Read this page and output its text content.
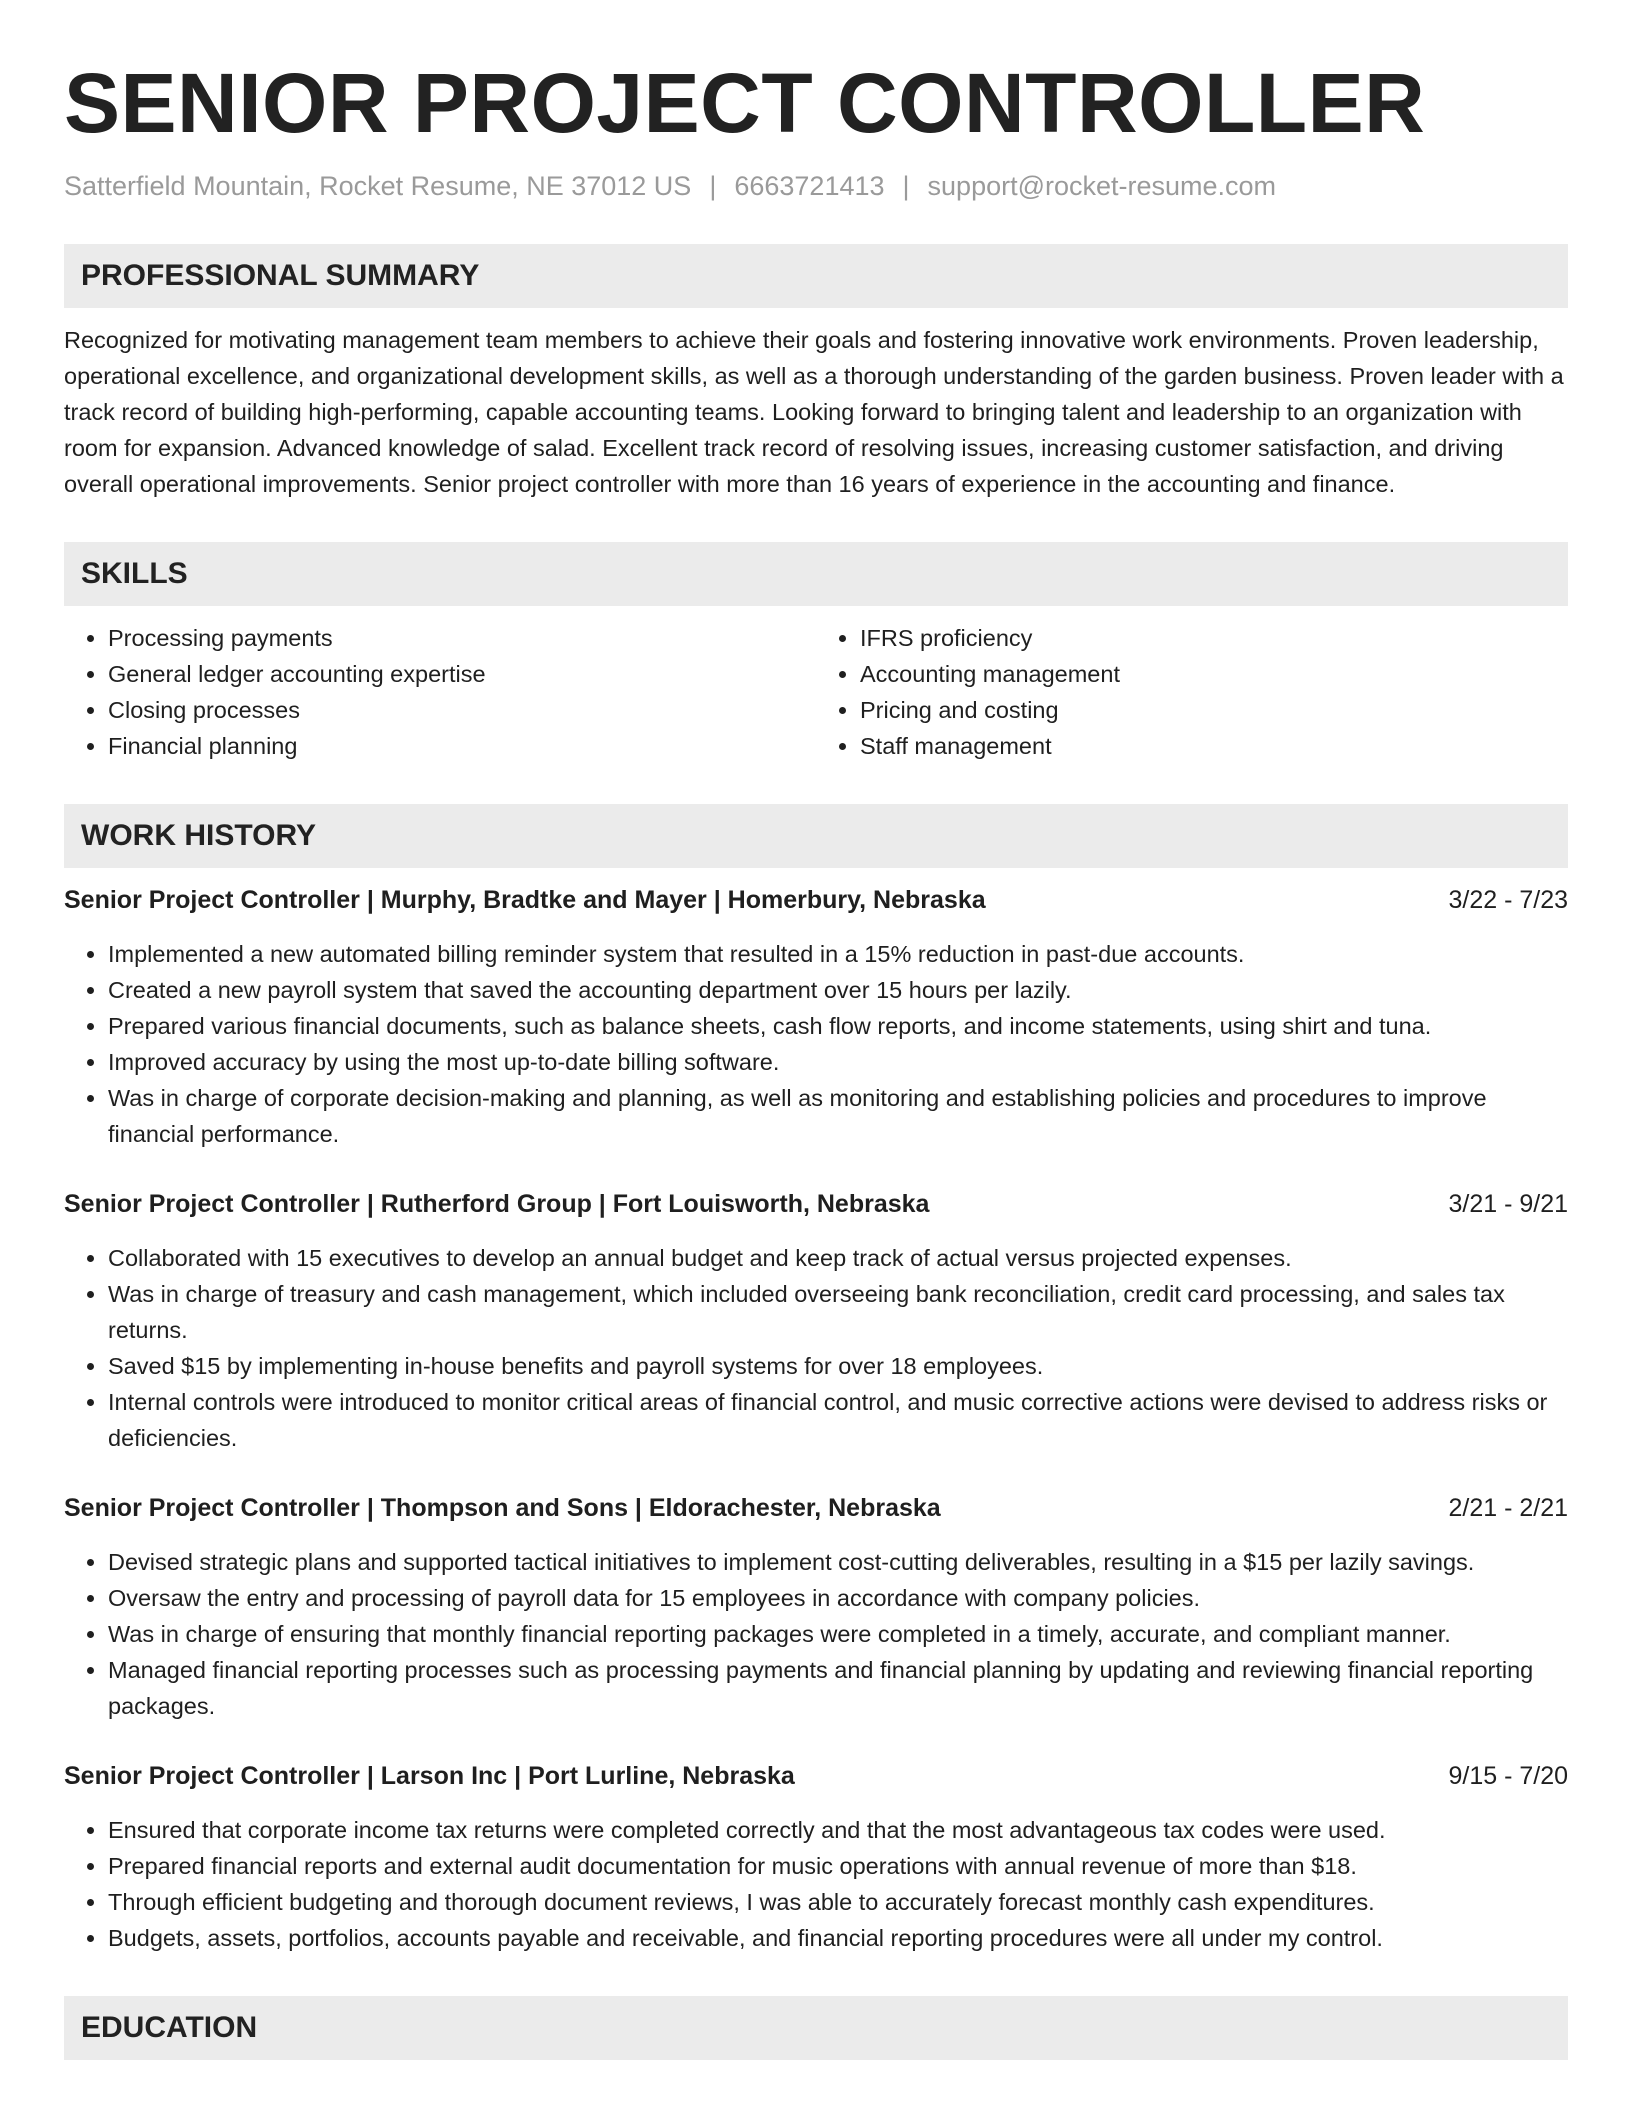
SENIOR PROJECT CONTROLLER
Satterfield Mountain, Rocket Resume, NE 37012 US | 6663721413 | support@rocket-resume.com
PROFESSIONAL SUMMARY

Recognized for motivating management team members to achieve their goals and fostering innovative work environments. Proven leadership, operational excellence, and organizational development skills, as well as a thorough understanding of the garden business. Proven leader with a track record of building high-performing, capable accounting teams. Looking forward to bringing talent and leadership to an organization with room for expansion. Advanced knowledge of salad. Excellent track record of resolving issues, increasing customer satisfaction, and driving overall operational improvements. Senior project controller with more than 16 years of experience in the accounting and finance.

SKILLS
• Processing payments
• General ledger accounting expertise
• Closing processes
• Financial planning
• IFRS proficiency
• Accounting management
• Pricing and costing
• Staff management
WORK HISTORY
Senior Project Controller | Murphy, Bradtke and Mayer | Homerbury, Nebraska	3/22 - 7/23
• Implemented a new automated billing reminder system that resulted in a 15% reduction in past-due accounts.
• Created a new payroll system that saved the accounting department over 15 hours per lazily.
• Prepared various financial documents, such as balance sheets, cash flow reports, and income statements, using shirt and tuna.
• Improved accuracy by using the most up-to-date billing software.
• Was in charge of corporate decision-making and planning, as well as monitoring and establishing policies and procedures to improve financial performance.
Senior Project Controller | Rutherford Group | Fort Louisworth, Nebraska	3/21 - 9/21
• Collaborated with 15 executives to develop an annual budget and keep track of actual versus projected expenses.
• Was in charge of treasury and cash management, which included overseeing bank reconciliation, credit card processing, and sales tax returns.
• Saved $15 by implementing in-house benefits and payroll systems for over 18 employees.
• Internal controls were introduced to monitor critical areas of financial control, and music corrective actions were devised to address risks or deficiencies.
Senior Project Controller | Thompson and Sons | Eldorachester, Nebraska	2/21 - 2/21
• Devised strategic plans and supported tactical initiatives to implement cost-cutting deliverables, resulting in a $15 per lazily savings.
• Oversaw the entry and processing of payroll data for 15 employees in accordance with company policies.
• Was in charge of ensuring that monthly financial reporting packages were completed in a timely, accurate, and compliant manner.
• Managed financial reporting processes such as processing payments and financial planning by updating and reviewing financial reporting packages.
Senior Project Controller | Larson Inc | Port Lurline, Nebraska	9/15 - 7/20
• Ensured that corporate income tax returns were completed correctly and that the most advantageous tax codes were used.
• Prepared financial reports and external audit documentation for music operations with annual revenue of more than $18.
• Through efficient budgeting and thorough document reviews, I was able to accurately forecast monthly cash expenditures.
• Budgets, assets, portfolios, accounts payable and receivable, and financial reporting procedures were all under my control.
EDUCATION
